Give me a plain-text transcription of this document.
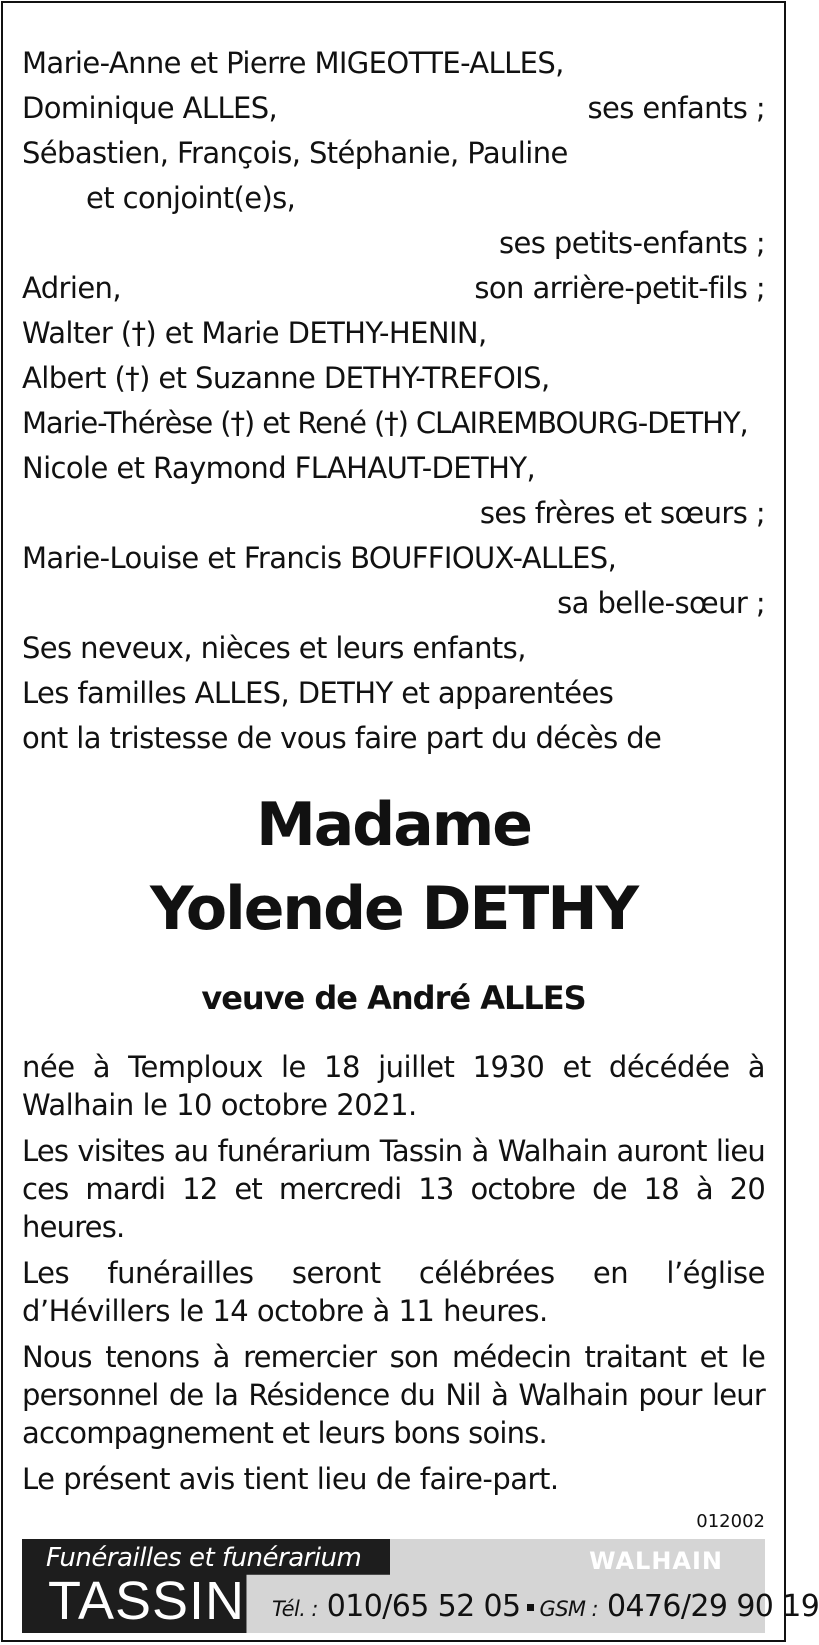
Marie-Anne et Pierre MIGEOTTE-ALLES,
Dominique ALLES,	ses enfants ;
Sébastien, François, Stéphanie, Pauline
et conjoint(e)s,
ses petits-enfants ;
Adrien,	son arrière-petit-fils ;
Walter (†) et Marie DETHY-HENIN,
Albert (†) et Suzanne DETHY-TREFOIS,
Marie-Thérèse (†) et René (†) CLAIREMBOURG-DETHY,
Nicole et Raymond FLAHAUT-DETHY,
ses frères et sœurs ;
Marie-Louise et Francis BOUFFIOUX-ALLES,
sa belle-sœur ;
Ses neveux, nièces et leurs enfants,
Les familles ALLES, DETHY et apparentées
ont la tristesse de vous faire part du décès de
Madame
Yolende DETHY
veuve de André ALLES

née à Temploux le 18 juillet 1930 et décédée à Walhain le 10 octobre 2021.

Les visites au funérarium Tassin à Walhain auront lieu ces mardi 12 et mercredi 13 octobre de 18 à 20 heures.

Les funérailles seront célébrées en l’église d’Hévillers le 14 octobre à 11 heures.

Nous tenons à remercier son médecin traitant et le personnel de la Résidence du Nil à Walhain pour leur accompagnement et leurs bons soins.

Le présent avis tient lieu de faire-part.

012002
Funérailles et funérarium
TASSIN
WALHAIN
Tél. : 010/65 52 05 GSM : 0476/29 90 19
